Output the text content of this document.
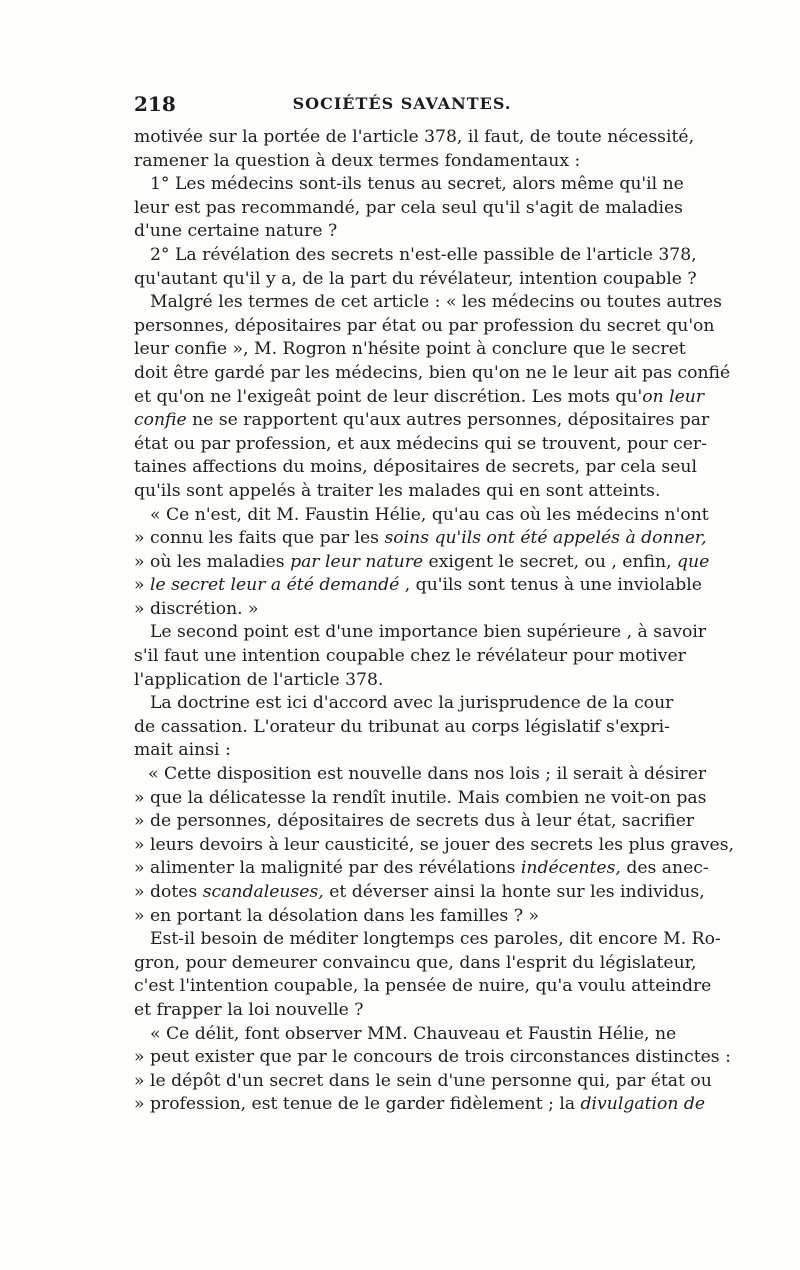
218	SOCIÉTÉS SAVANTES.
motivée sur la portée de l'article 378, il faut, de toute nécessité,
ramener la question à deux termes fondamentaux :
1° Les médecins sont-ils tenus au secret, alors même qu'il ne
leur est pas recommandé, par cela seul qu'il s'agit de maladies
d'une certaine nature ?
2° La révélation des secrets n'est-elle passible de l'article 378,
qu'autant qu'il y a, de la part du révélateur, intention coupable ?
Malgré les termes de cet article : « les médecins ou toutes autres
personnes, dépositaires par état ou par profession du secret qu'on
leur confie », M. Rogron n'hésite point à conclure que le secret
doit être gardé par les médecins, bien qu'on ne le leur ait pas confié
et qu'on ne l'exigeât point de leur discrétion. Les mots qu'on leur
confie ne se rapportent qu'aux autres personnes, dépositaires par
état ou par profession, et aux médecins qui se trouvent, pour cer-
taines affections du moins, dépositaires de secrets, par cela seul
qu'ils sont appelés à traiter les malades qui en sont atteints.
« Ce n'est, dit M. Faustin Hélie, qu'au cas où les médecins n'ont
» connu les faits que par les soins qu'ils ont été appelés à donner,
» où les maladies par leur nature exigent le secret, ou , enfin, que
» le secret leur a été demandé , qu'ils sont tenus à une inviolable
» discrétion. »
Le second point est d'une importance bien supérieure , à savoir
s'il faut une intention coupable chez le révélateur pour motiver
l'application de l'article 378.
La doctrine est ici d'accord avec la jurisprudence de la cour
de cassation. L'orateur du tribunat au corps législatif s'expri-
mait ainsi :
« Cette disposition est nouvelle dans nos lois ; il serait à désirer
» que la délicatesse la rendît inutile. Mais combien ne voit-on pas
» de personnes, dépositaires de secrets dus à leur état, sacrifier
» leurs devoirs à leur causticité, se jouer des secrets les plus graves,
» alimenter la malignité par des révélations indécentes, des anec-
» dotes scandaleuses, et déverser ainsi la honte sur les individus,
» en portant la désolation dans les familles ? »
Est-il besoin de méditer longtemps ces paroles, dit encore M. Ro-
gron, pour demeurer convaincu que, dans l'esprit du législateur,
c'est l'intention coupable, la pensée de nuire, qu'a voulu atteindre
et frapper la loi nouvelle ?
« Ce délit, font observer MM. Chauveau et Faustin Hélie, ne
» peut exister que par le concours de trois circonstances distinctes :
» le dépôt d'un secret dans le sein d'une personne qui, par état ou
» profession, est tenue de le garder fidèlement ; la divulgation de
